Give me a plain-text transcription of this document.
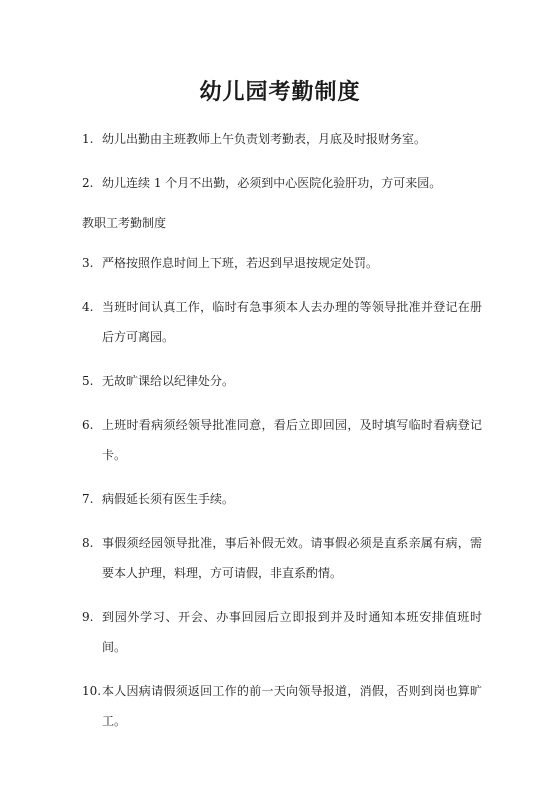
幼儿园考勤制度
1. 幼儿出勤由主班教师上午负责划考勤表，月底及时报财务室。
2. 幼儿连续 1 个月不出勤，必须到中心医院化验肝功，方可来园。
教职工考勤制度
3. 严格按照作息时间上下班，若迟到早退按规定处罚。
4. 当班时间认真工作，临时有急事须本人去办理的等领导批准并登记在册后方可离园。
5. 无故旷课给以纪律处分。
6. 上班时看病须经领导批准同意，看后立即回园，及时填写临时看病登记卡。
7. 病假延长须有医生手续。
8. 事假须经园领导批准，事后补假无效。请事假必须是直系亲属有病，需要本人护理，料理，方可请假，非直系酌情。
9. 到园外学习、开会、办事回园后立即报到并及时通知本班安排值班时间。
10. 本人因病请假须返回工作的前一天向领导报道，消假，否则到岗也算旷工。
